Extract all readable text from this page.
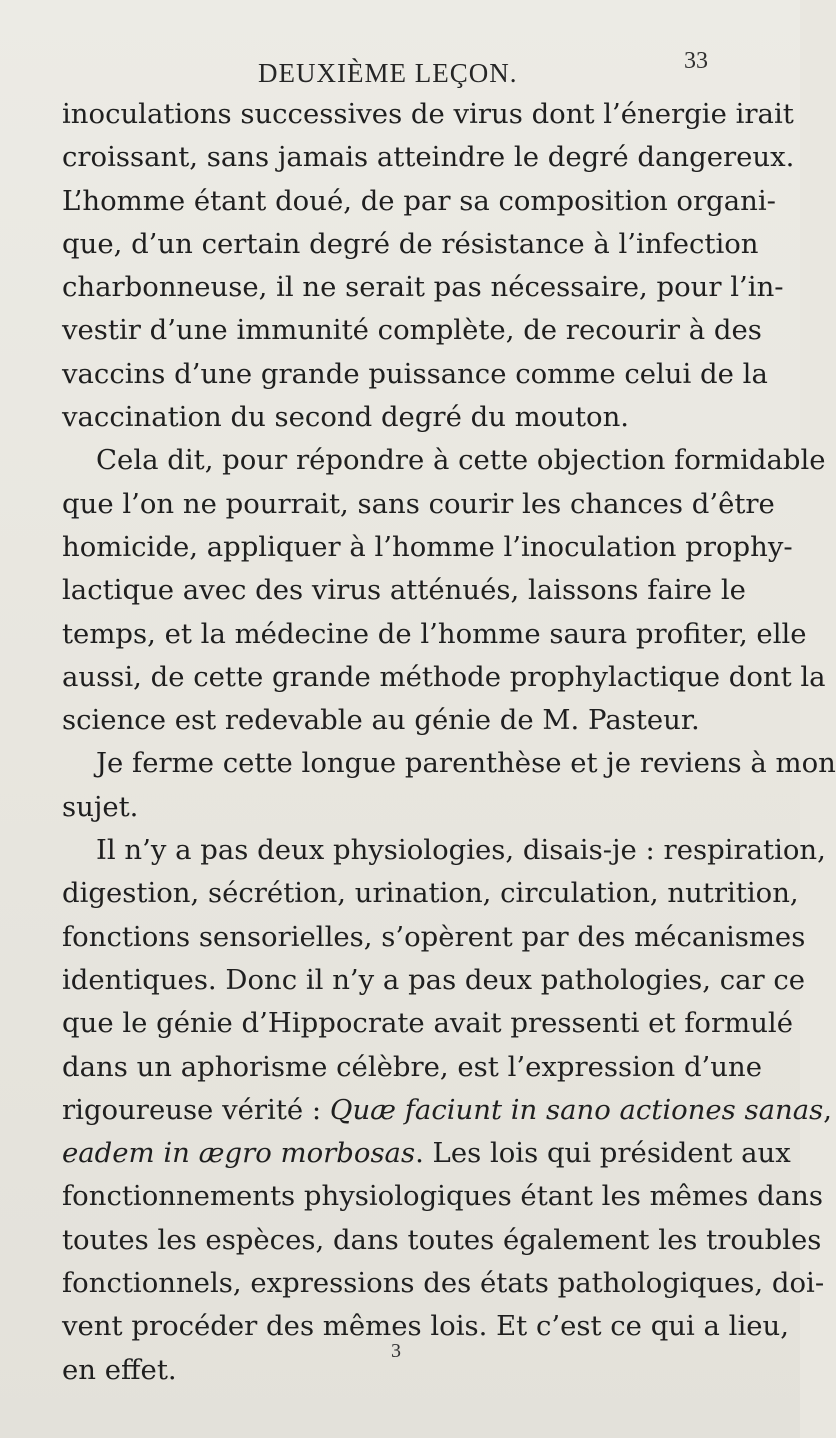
DEUXIÈME LEÇON.	33
inoculations successives de virus dont l’énergie irait
croissant, sans jamais atteindre le degré dangereux.
L’homme étant doué, de par sa composition organi-
que, d’un certain degré de résistance à l’infection
charbonneuse, il ne serait pas nécessaire, pour l’in-
vestir d’une immunité complète, de recourir à des
vaccins d’une grande puissance comme celui de la
vaccination du second degré du mouton.
Cela dit, pour répondre à cette objection formidable
que l’on ne pourrait, sans courir les chances d’être
homicide, appliquer à l’homme l’inoculation prophy-
lactique avec des virus atténués, laissons faire le
temps, et la médecine de l’homme saura profiter, elle
aussi, de cette grande méthode prophylactique dont la
science est redevable au génie de M. Pasteur.
Je ferme cette longue parenthèse et je reviens à mon
sujet.
Il n’y a pas deux physiologies, disais-je : respiration,
digestion, sécrétion, urination, circulation, nutrition,
fonctions sensorielles, s’opèrent par des mécanismes
identiques. Donc il n’y a pas deux pathologies, car ce
que le génie d’Hippocrate avait pressenti et formulé
dans un aphorisme célèbre, est l’expression d’une
rigoureuse vérité : Quæ faciunt in sano actiones sanas,
eadem in ægro morbosas. Les lois qui président aux
fonctionnements physiologiques étant les mêmes dans
toutes les espèces, dans toutes également les troubles
fonctionnels, expressions des états pathologiques, doi-
vent procéder des mêmes lois. Et c’est ce qui a lieu,
en effet.
3
